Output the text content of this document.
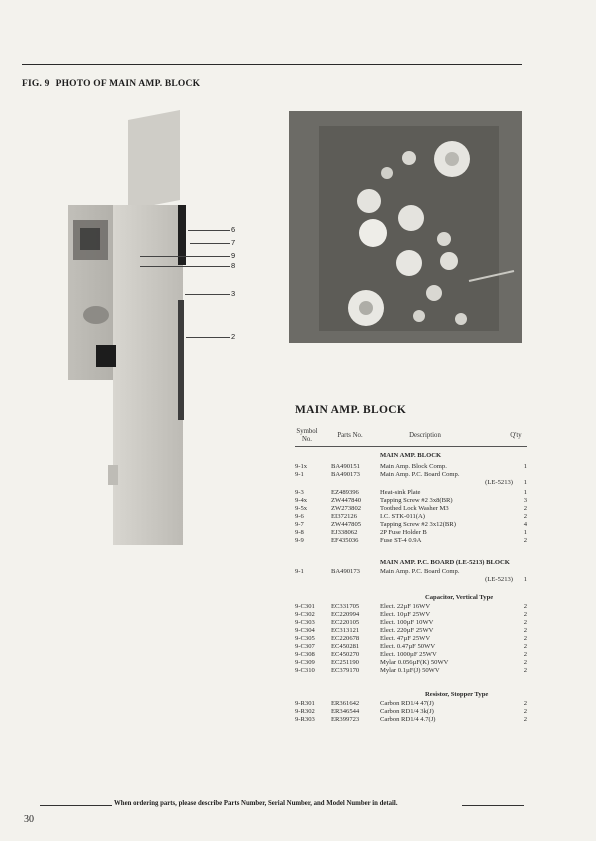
FIG. 9 PHOTO OF MAIN AMP. BLOCK
6
7
9
8
3
2
MAIN AMP. BLOCK
Symbol No.
Parts No.	Description	Q'ty
MAIN AMP. BLOCK
9-1x	BA490151	Main Amp. Block Comp.	1
9-1	BA490173	Main Amp. P.C. Board Comp.
(LE-5213) 1
9-3	EZ489396	Heat-sink Plate	1
9-4x	ZW447840	Tapping Screw #2 3x8(BR)	3
9-5x	ZW273802	Toothed Lock Washer M3	2
9-6	EI372126	I.C. STK-011(A)	2
9-7	ZW447805	Tapping Screw #2 3x12(BR)	4
9-8	EJ338062	2P Fuse Holder B	1
9-9	EF435036	Fuse ST-4 0.9A	2
MAIN AMP. P.C. BOARD (LE-5213) BLOCK
9-1	BA490173	Main Amp. P.C. Board Comp.
(LE-5213) 1
Capacitor, Vertical Type
9-C301 EC331705	Elect. 22µF 16WV	2
9-C302 EC220994	Elect. 10µF 25WV	2
9-C303 EC220105	Elect. 100µF 10WV	2
9-C304 EC313121	Elect. 220µF 25WV	2
9-C305 EC220678	Elect. 47µF 25WV	2
9-C307 EC450281	Elect. 0.47µF 50WV	2
9-C308 EC450270	Elect. 1000µF 25WV	2
9-C309 EC251190	Mylar 0.056µF(K) 50WV	2
9-C310 EC379170	Mylar 0.1µF(J) 50WV	2
Resistor, Stopper Type
9-R301 ER361642	Carbon RD1/4 47(J)	2
9-R302 ER346544	Carbon RD1/4 3k(J)	2
9-R303 ER399723	Carbon RD1/4 4.7(J)	2
When ordering parts, please describe Parts Number, Serial Number, and Model Number in detail.
30
